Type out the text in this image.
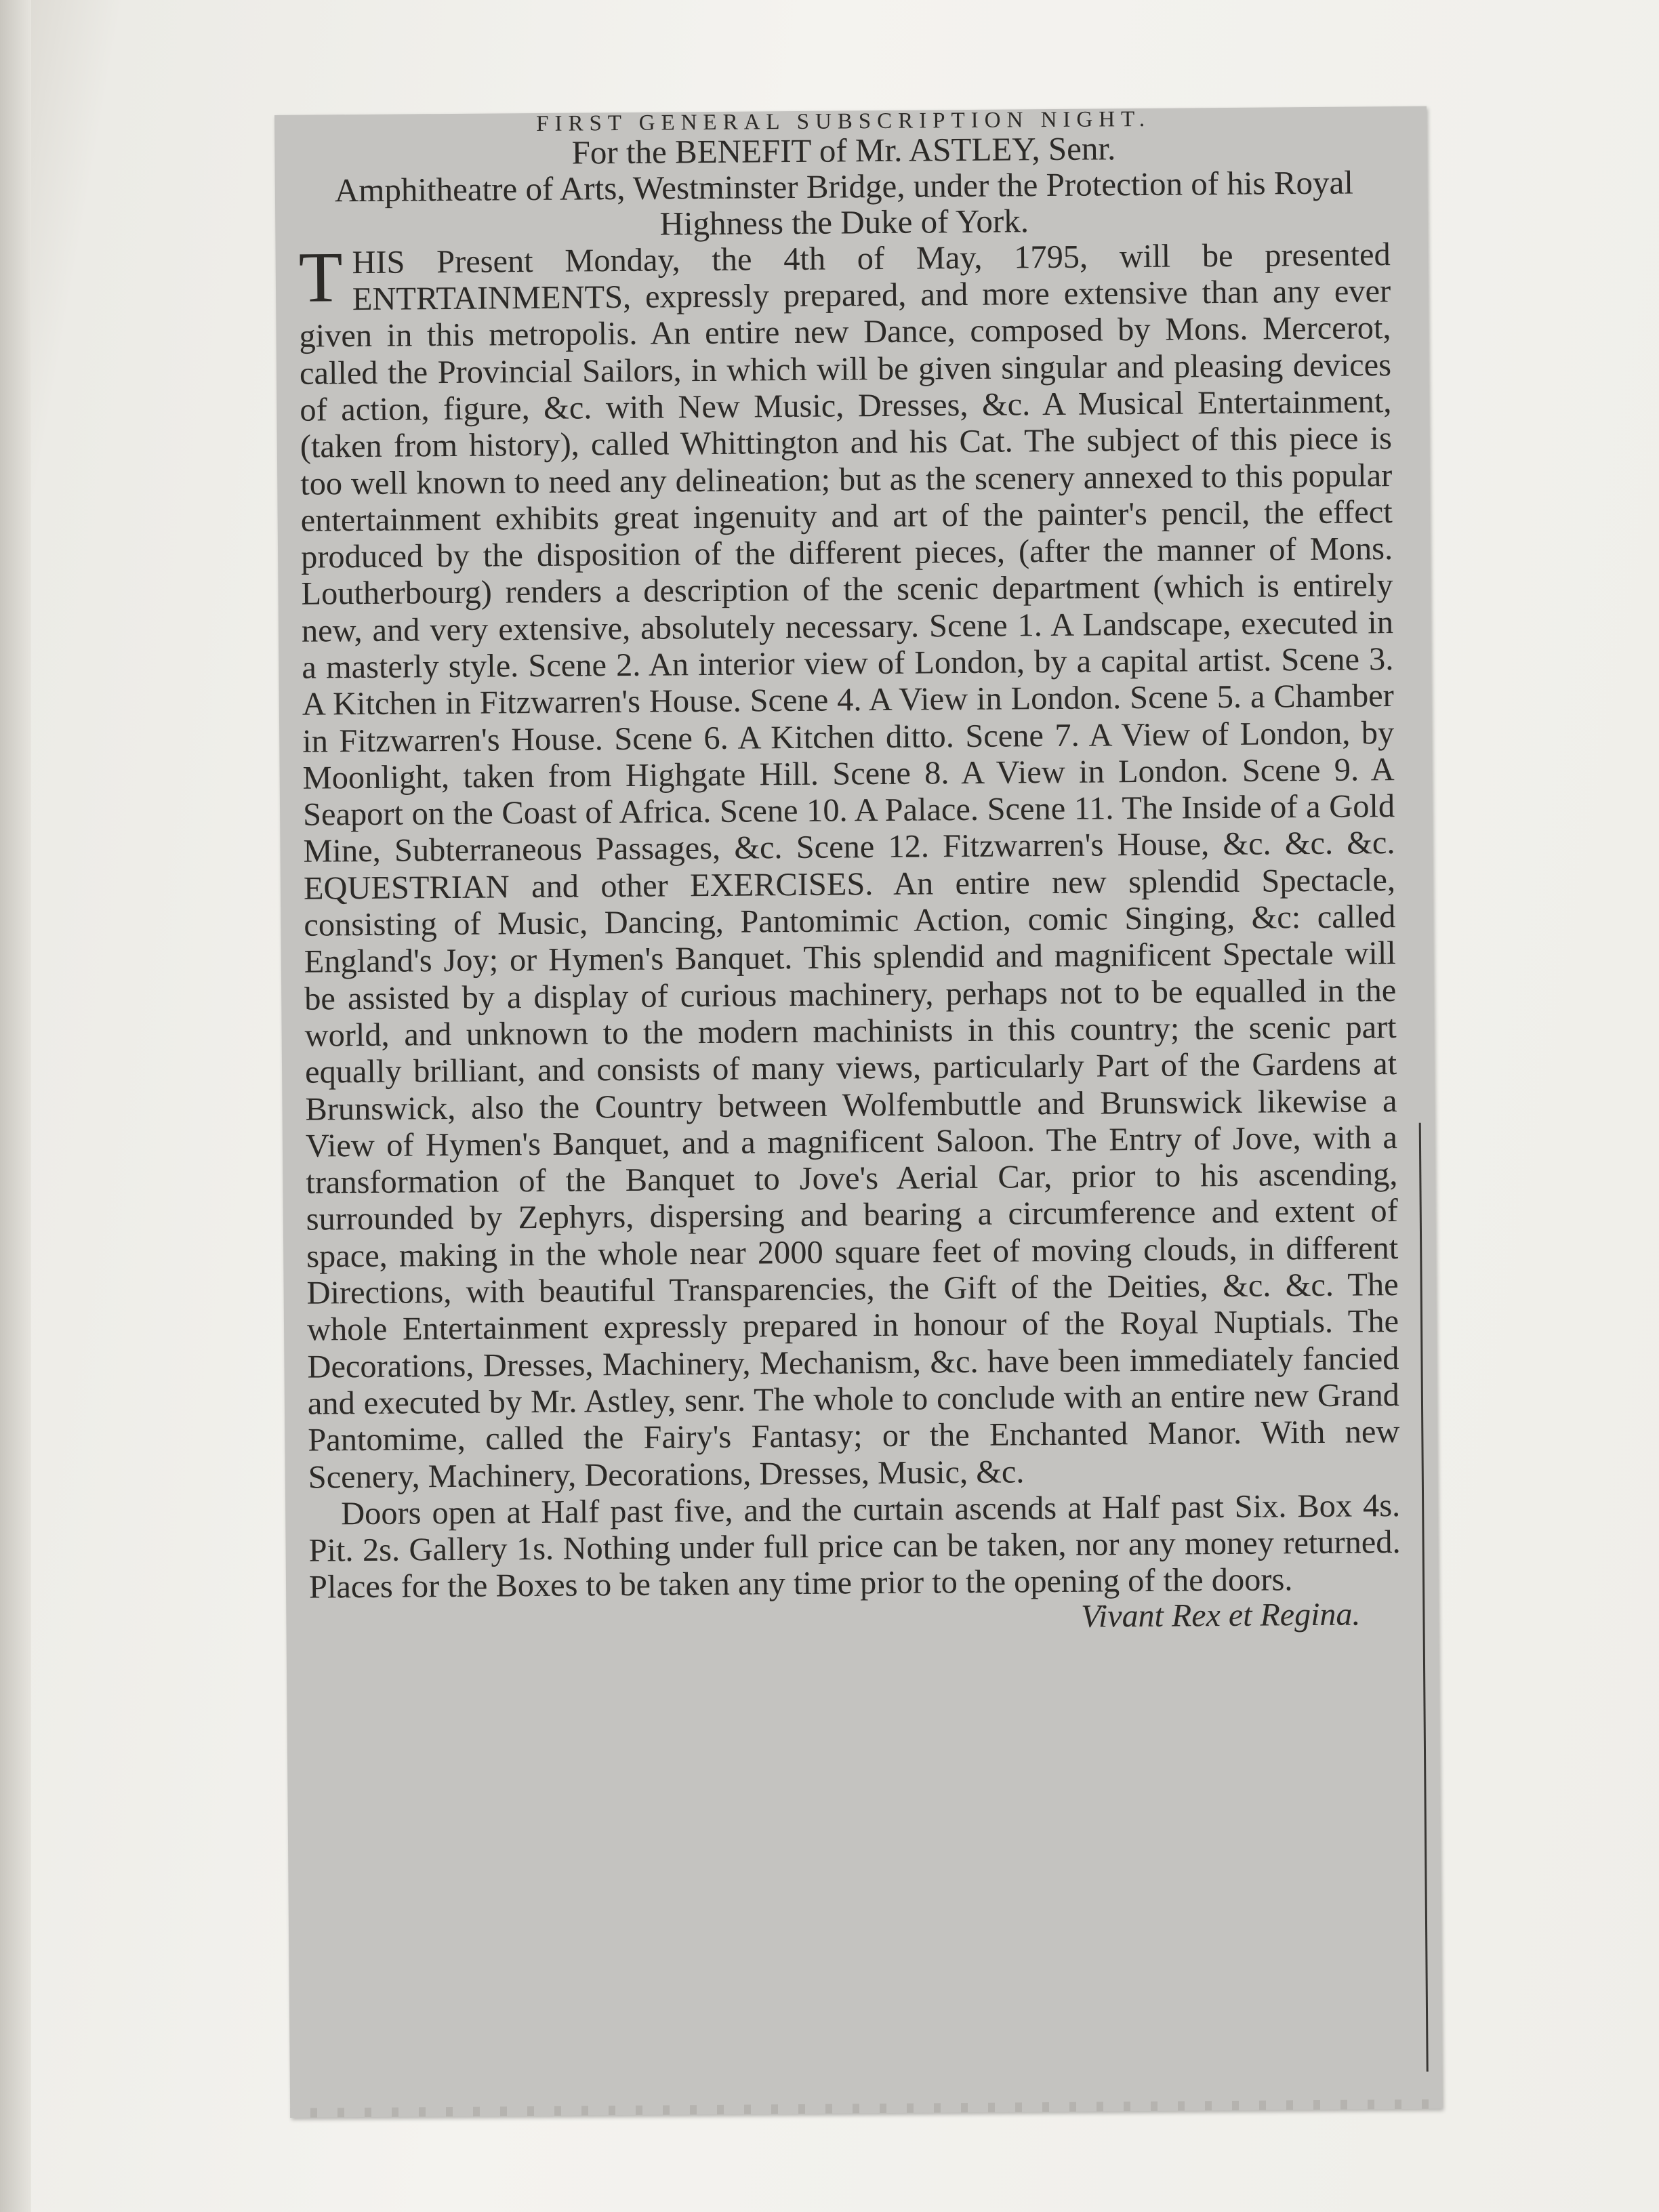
FIRST GENERAL SUBSCRIPTION NIGHT.
For the BENEFIT of Mr. ASTLEY, Senr.
Amphitheatre of Arts, Westminster Bridge, under the Protection of his Royal Highness the Duke of York.

THIS Present Monday, the 4th of May, 1795, will be presented ENTRTAINMENTS, expressly prepared, and more extensive than any ever given in this metropolis. An entire new Dance, composed by Mons. Mercerot, called the Provincial Sailors, in which will be given singular and pleasing devices of action, figure, &c. with New Music, Dresses, &c. A Musical Entertainment, (taken from history), called Whittington and his Cat. The subject of this piece is too well known to need any delineation; but as the scenery annexed to this popular entertainment exhibits great ingenuity and art of the painter's pencil, the effect produced by the disposition of the different pieces, (after the manner of Mons. Loutherbourg) renders a description of the scenic department (which is entirely new, and very extensive, absolutely necessary. Scene 1. A Landscape, executed in a masterly style. Scene 2. An interior view of London, by a capital artist. Scene 3. A Kitchen in Fitzwarren's House. Scene 4. A View in London. Scene 5. a Chamber in Fitzwarren's House. Scene 6. A Kitchen ditto. Scene 7. A View of London, by Moonlight, taken from Highgate Hill. Scene 8. A View in London. Scene 9. A Seaport on the Coast of Africa. Scene 10. A Palace. Scene 11. The Inside of a Gold Mine, Subterraneous Passages, &c. Scene 12. Fitzwarren's House, &c. &c. &c. EQUESTRIAN and other EXERCISES. An entire new splendid Spectacle, consisting of Music, Dancing, Pantomimic Action, comic Singing, &c: called England's Joy; or Hymen's Banquet. This splendid and magnificent Spectale will be assisted by a display of curious machinery, perhaps not to be equalled in the world, and unknown to the modern machinists in this country; the scenic part equally brilliant, and consists of many views, particularly Part of the Gardens at Brunswick, also the Country between Wolfembuttle and Brunswick likewise a View of Hymen's Banquet, and a magnificent Saloon. The Entry of Jove, with a transformation of the Banquet to Jove's Aerial Car, prior to his ascending, surrounded by Zephyrs, dispersing and bearing a circumference and extent of space, making in the whole near 2000 square feet of moving clouds, in different Directions, with beautiful Transparencies, the Gift of the Deities, &c. &c. The whole Entertainment expressly prepared in honour of the Royal Nuptials. The Decorations, Dresses, Machinery, Mechanism, &c. have been immediately fancied and executed by Mr. Astley, senr. The whole to conclude with an entire new Grand Pantomime, called the Fairy's Fantasy; or the Enchanted Manor. With new Scenery, Machinery, Decorations, Dresses, Music, &c.

Doors open at Half past five, and the curtain ascends at Half past Six. Box 4s. Pit. 2s. Gallery 1s. Nothing under full price can be taken, nor any money returned. Places for the Boxes to be taken any time prior to the opening of the doors.

Vivant Rex et Regina.
